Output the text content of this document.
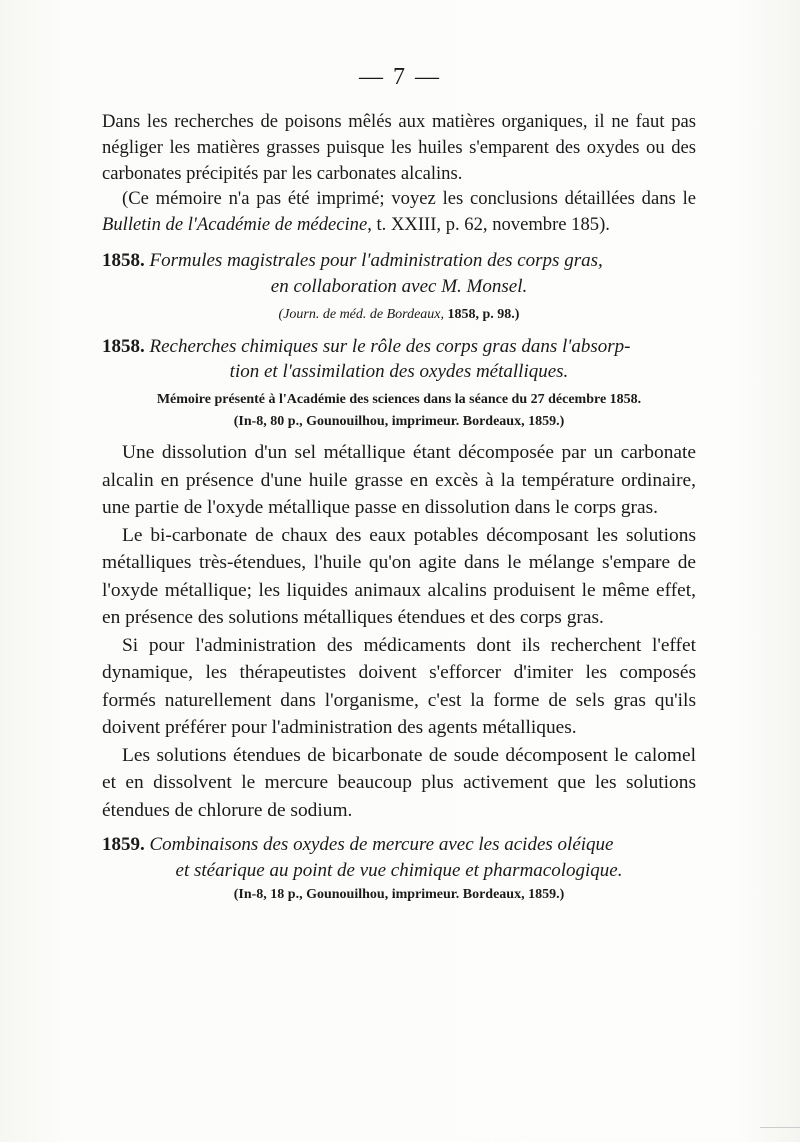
— 7 —

Dans les recherches de poisons mêlés aux matières organiques, il ne faut pas négliger les matières grasses puisque les huiles s'emparent des oxydes ou des carbonates précipités par les carbonates alcalins.

(Ce mémoire n'a pas été imprimé; voyez les conclusions détaillées dans le Bulletin de l'Académie de médecine, t. XXIII, p. 62, novembre 185).

1858. Formules magistrales pour l'administration des corps gras,

en collaboration avec M. Monsel.

(Journ. de méd. de Bordeaux, 1858, p. 98.)

1858. Recherches chimiques sur le rôle des corps gras dans l'absorp-

tion et l'assimilation des oxydes métalliques.

Mémoire présenté à l'Académie des sciences dans la séance du 27 décembre 1858.

(In-8, 80 p., Gounouilhou, imprimeur. Bordeaux, 1859.)

Une dissolution d'un sel métallique étant décomposée par un carbonate alcalin en présence d'une huile grasse en excès à la température ordinaire, une partie de l'oxyde métallique passe en dissolution dans le corps gras.

Le bi-carbonate de chaux des eaux potables décomposant les solutions métalliques très-étendues, l'huile qu'on agite dans le mélange s'empare de l'oxyde métallique; les liquides animaux alcalins produisent le même effet, en présence des solutions métalliques étendues et des corps gras.

Si pour l'administration des médicaments dont ils recherchent l'effet dynamique, les thérapeutistes doivent s'efforcer d'imiter les composés formés naturellement dans l'organisme, c'est la forme de sels gras qu'ils doivent préférer pour l'administration des agents métalliques.

Les solutions étendues de bicarbonate de soude décomposent le calomel et en dissolvent le mercure beaucoup plus activement que les solutions étendues de chlorure de sodium.

1859. Combinaisons des oxydes de mercure avec les acides oléique

et stéarique au point de vue chimique et pharmacologique.

(In-8, 18 p., Gounouilhou, imprimeur. Bordeaux, 1859.)
